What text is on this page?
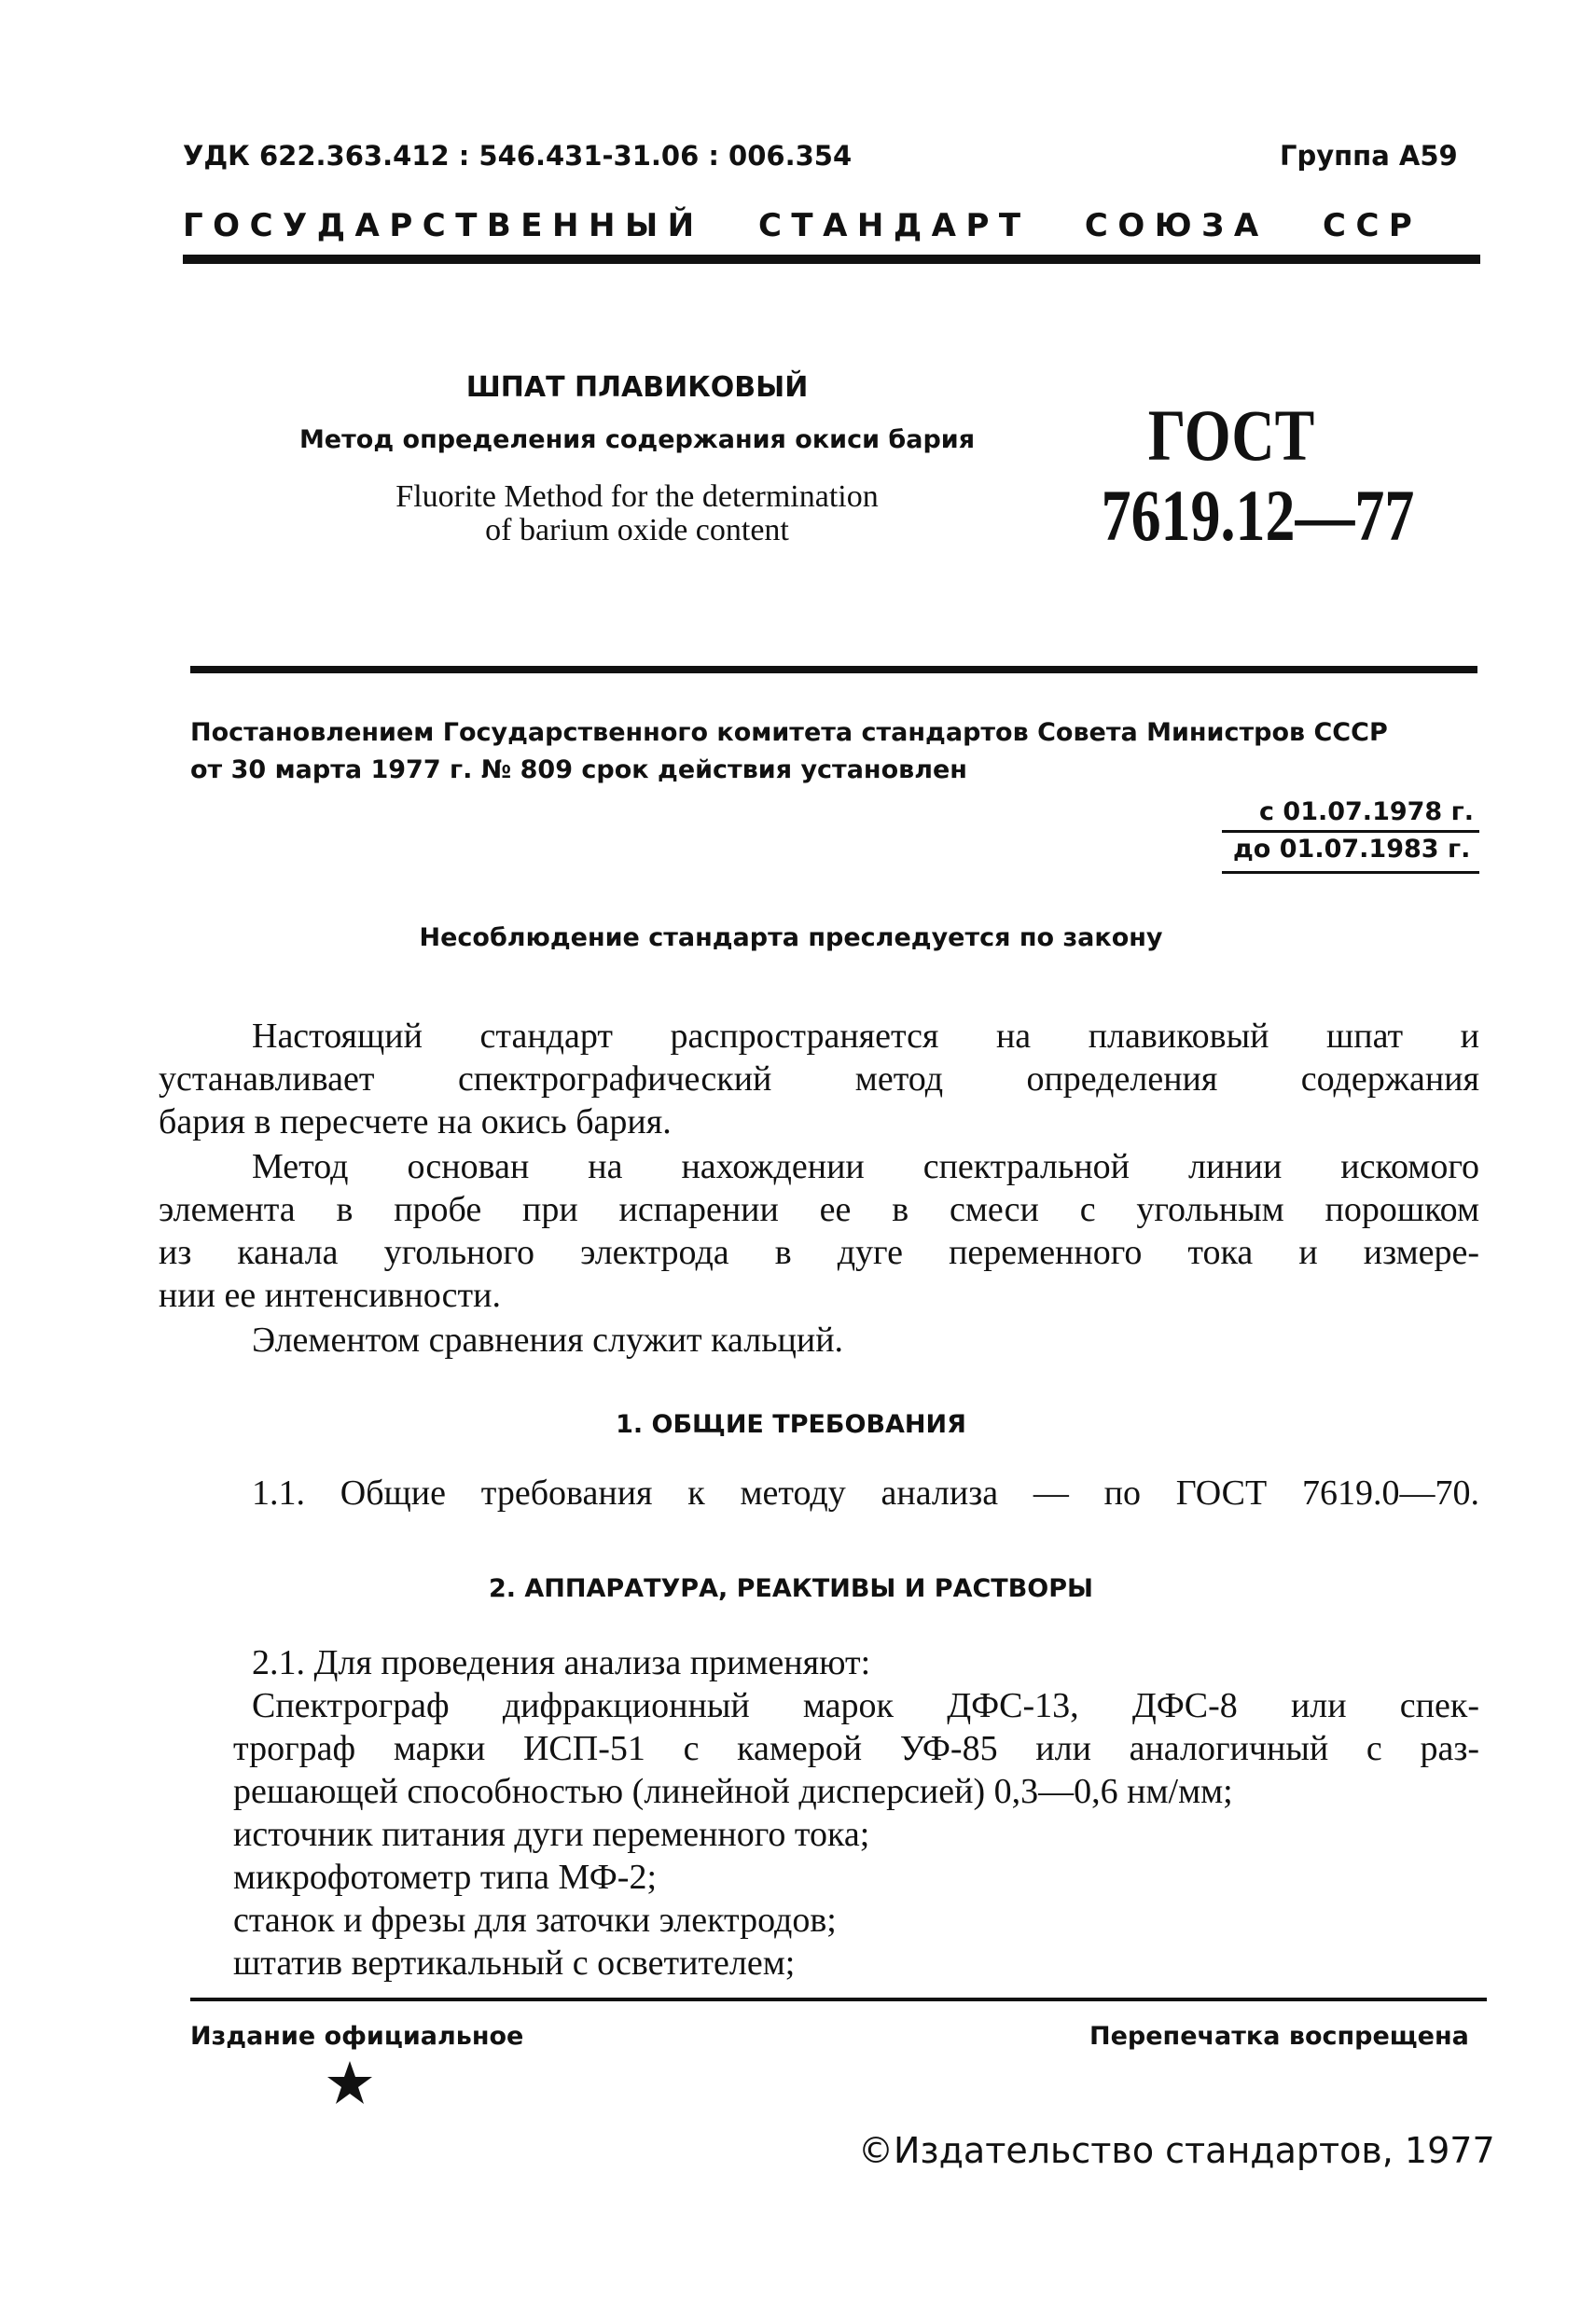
УДК 622.363.412 : 546.431-31.06 : 006.354	Группа А59
ГОСУДАРСТВЕННЫЙ СТАНДАРТ СОЮЗА ССР
ШПАТ ПЛАВИКОВЫЙ
Метод определения содержания окиси бария
Fluorite Method for the determination
of barium oxide content
ГОСТ
7619.12—77
Постановлением Государственного комитета стандартов Совета Министров СССР
от 30 марта 1977 г. № 809 срок действия установлен
с 01.07.1978 г.
до 01.07.1983 г.
Несоблюдение стандарта преследуется по закону
Настоящий стандарт распространяется на плавиковый шпат и
устанавливает спектрографический метод определения содержания
бария в пересчете на окись бария.
Метод основан на нахождении спектральной линии искомого
элемента в пробе при испарении ее в смеси с угольным порошком
из канала угольного электрода в дуге переменного тока и измере-
нии ее интенсивности.
Элементом сравнения служит кальций.
1. ОБЩИЕ ТРЕБОВАНИЯ
1.1. Общие требования к методу анализа — по ГОСТ 7619.0—70.
2. АППАРАТУРА, РЕАКТИВЫ И РАСТВОРЫ
2.1. Для проведения анализа применяют:
Спектрограф дифракционный марок ДФС-13, ДФС-8 или спек-
трограф марки ИСП-51 с камерой УФ-85 или аналогичный с раз-
решающей способностью (линейной дисперсией) 0,3—0,6 нм/мм;
источник питания дуги переменного тока;
микрофотометр типа МФ-2;
станок и фрезы для заточки электродов;
штатив вертикальный с осветителем;
Издание официальное	Перепечатка воспрещена
©Издательство стандартов, 1977
